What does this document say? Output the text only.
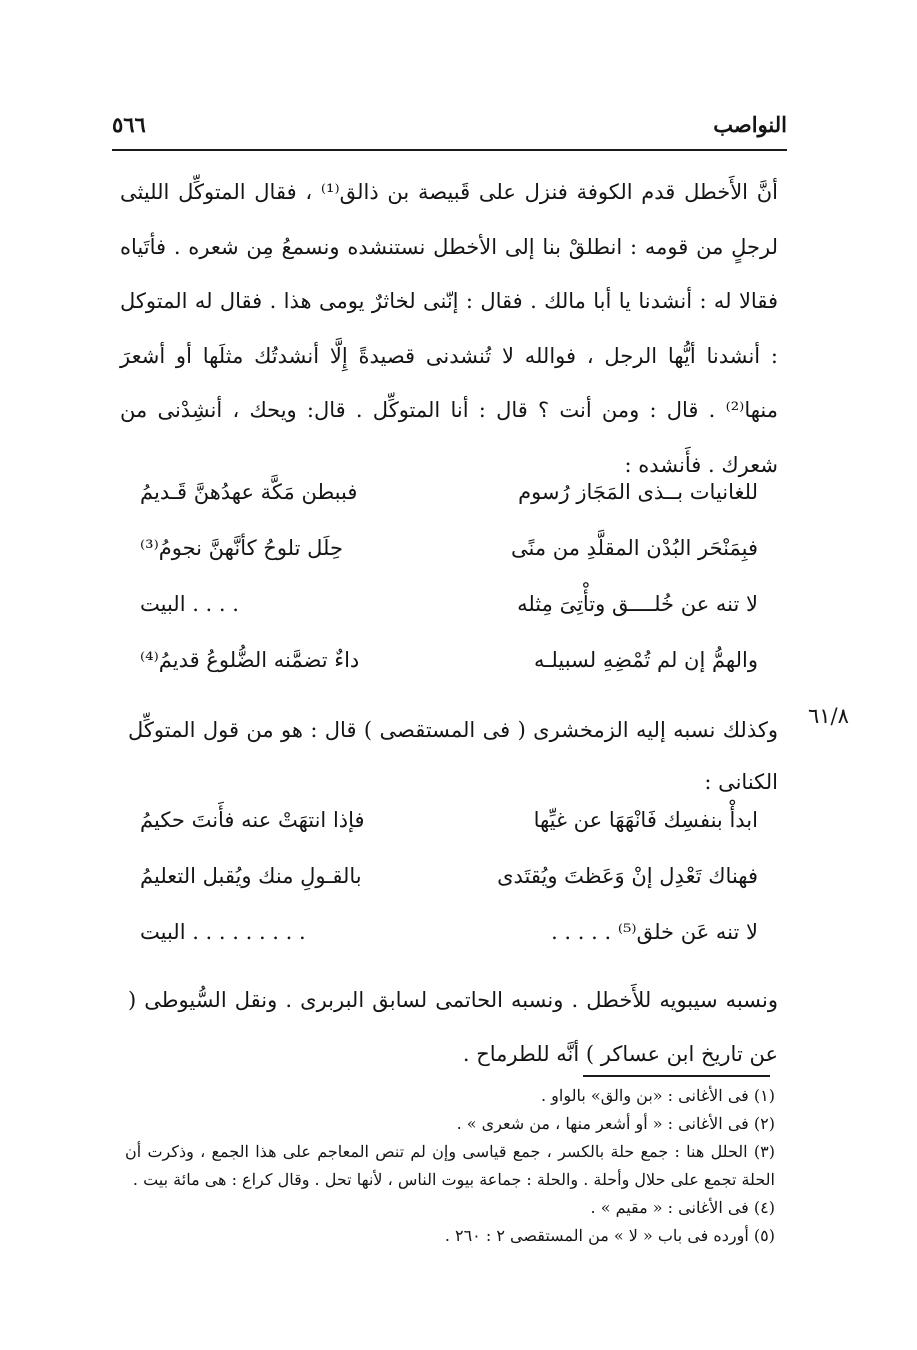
النواصب
٥٦٦
٦١/٨
أنَّ الأَخطل قدم الكوفة فنزل على قَبيصة بن ذالق⁽¹⁾ ، فقال المتوكِّل الليثى لرجلٍ من قومه : انطلقْ بنا إلى الأخطل نستنشده ونسمعُ مِن شعره . فأتَياه فقالا له : أنشدنا يا أبا مالك . فقال : إنّنى لخاثرٌ يومى هذا . فقال له المتوكل : أنشدنا أيُّها الرجل ، فوالله لا تُنشدنى قصيدةً إِلَّا أنشدتُك مثلَها أو أشعرَ منها⁽²⁾ . قال : ومن أنت ؟ قال : أنا المتوكِّل . قال: ويحك ، أنشِدْنى من شعرك . فأَنشده :
للغانيات بــذى المَجَاز رُسوم
فببطن مَكَّة عهدُهنَّ قَـديمُ
فبِمَنْحَر البُدْن المقلَّدِ من منًى
حِلَل تلوحُ كأنَّهنَّ نجومُ⁽³⁾
لا تنه عن خُلــــق وتأْتِىَ مِثله
. . . . البيت
والهمُّ إن لم تُمْضِهِ لسبيلـه
داءٌ تضمَّنه الضُّلوعُ قديمُ⁽⁴⁾
وكذلك نسبه إليه الزمخشرى ( فى المستقصى ) قال : هو من قول المتوكِّل الكنانى :
ابدأْ بنفسِك فَانْهَهَا عن غيِّها
فإذا انتهَتْ عنه فأَنتَ حكيمُ
فهناك تَعْدِل إنْ وَعَظتَ ويُقتَدى
بالقـولِ منك ويُقبل التعليمُ
لا تنه عَن خلق⁽⁵⁾ . . . . .
. . . . . . . . . البيت
ونسبه سيبويه للأَخطل . ونسبه الحاتمى لسابق البربرى . ونقل السُّيوطى ( عن تاريخ ابن عساكر ) أنَّه للطرماح .
(١) فى الأغانى : «بن والق» بالواو .
(٢) فى الأغانى : « أو أشعر منها ، من شعرى » .
(٣) الحلل هنا : جمع حلة بالكسر ، جمع قياسى وإن لم تنص المعاجم على هذا الجمع ، وذكرت أن الحلة تجمع على حلال وأحلة . والحلة : جماعة بيوت الناس ، لأنها تحل . وقال كراع : هى مائة بيت .
(٤) فى الأغانى : « مقيم » .
(٥) أورده فى باب « لا » من المستقصى ٢ : ٢٦٠ .
